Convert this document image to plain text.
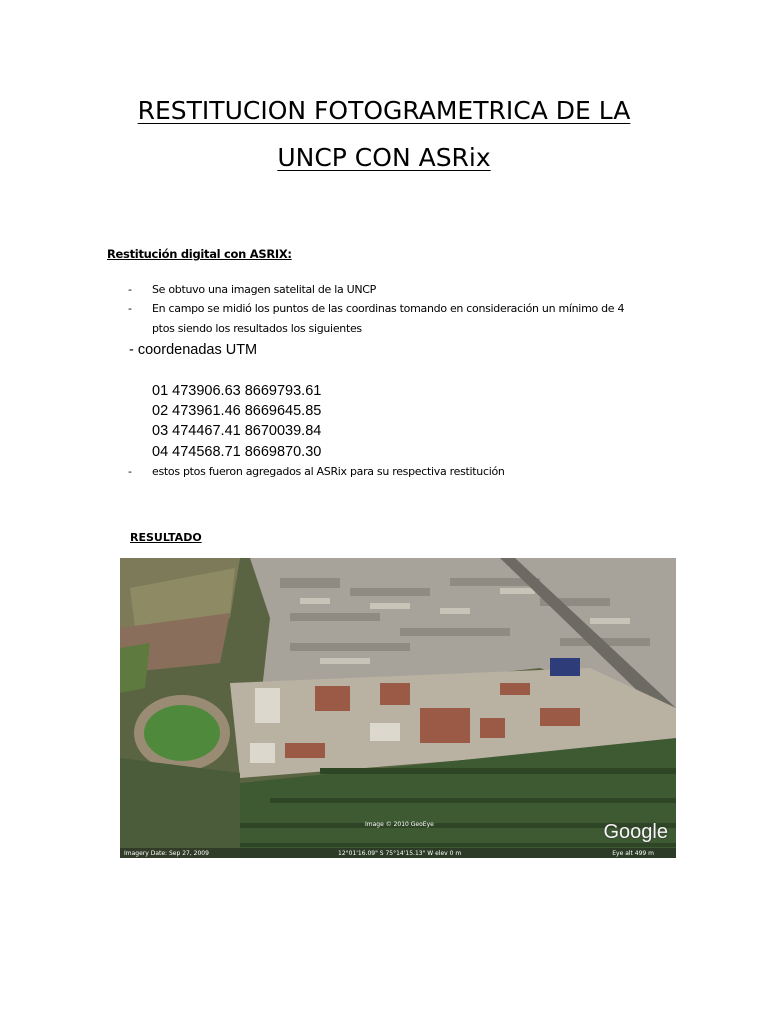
RESTITUCION FOTOGRAMETRICA DE LA
UNCP CON ASRix
Restitución digital con ASRIX:
- Se obtuvo una imagen satelital de la UNCP
- En campo se midió los puntos de las coordinas tomando en consideración un mínimo de 4
ptos siendo los resultados los siguientes
- coordenadas UTM
01 473906.63 8669793.61
02 473961.46 8669645.85
03 474467.41 8670039.84
04 474568.71 8669870.30
- estos ptos fueron agregados al ASRix para su respectiva restitución
RESULTADO
Imagery Date: Sep 27, 2009	12°01'16.09" S 75°14'15.13" W elev 0 m
Image © 2010 GeoEye
Eye alt 499 m
Google
